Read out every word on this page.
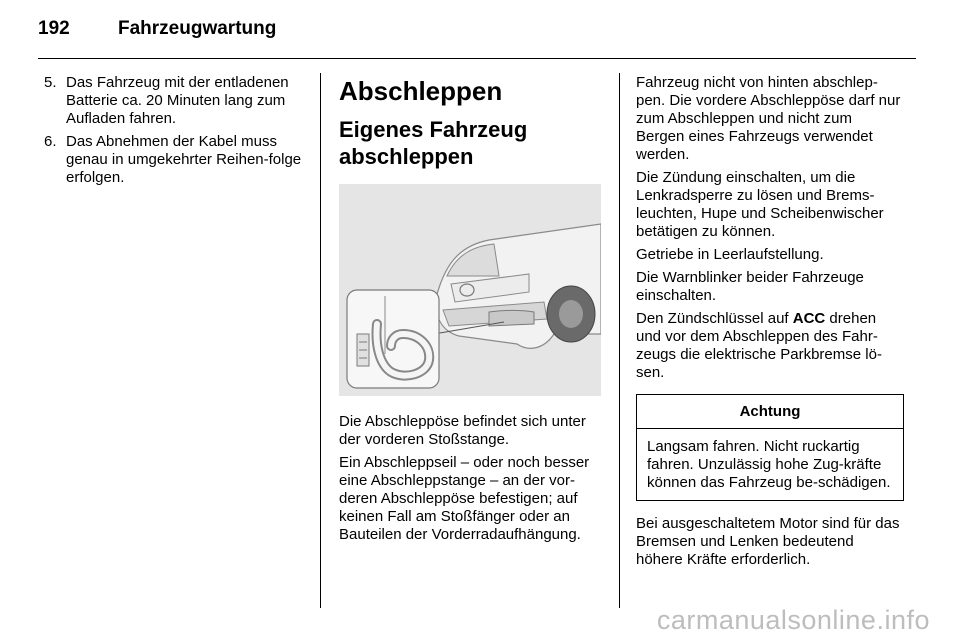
192	Fahrzeugwartung
5. Das Fahrzeug mit der entladenen Batterie ca. 20 Minuten lang zum Aufladen fahren.
6. Das Abnehmen der Kabel muss genau in umgekehrter Reihen-folge erfolgen.
Abschleppen
Eigenes Fahrzeug abschleppen

Die Abschleppöse befindet sich unter der vorderen Stoßstange.

Ein Abschleppseil – oder noch besser eine Abschleppstange – an der vor-deren Abschleppöse befestigen; auf keinen Fall am Stoßfänger oder an Bauteilen der Vorderradaufhängung.

Fahrzeug nicht von hinten abschlep-pen. Die vordere Abschleppöse darf nur zum Abschleppen und nicht zum Bergen eines Fahrzeugs verwendet werden.

Die Zündung einschalten, um die Lenkradsperre zu lösen und Brems-leuchten, Hupe und Scheibenwischer betätigen zu können.

Getriebe in Leerlaufstellung.

Die Warnblinker beider Fahrzeuge einschalten.

Den Zündschlüssel auf ACC drehen und vor dem Abschleppen des Fahr-zeugs die elektrische Parkbremse lö-sen.

Achtung
Langsam fahren. Nicht ruckartig fahren. Unzulässig hohe Zug-kräfte können das Fahrzeug be-schädigen.

Bei ausgeschaltetem Motor sind für das Bremsen und Lenken bedeutend höhere Kräfte erforderlich.

carmanualsonline.info
